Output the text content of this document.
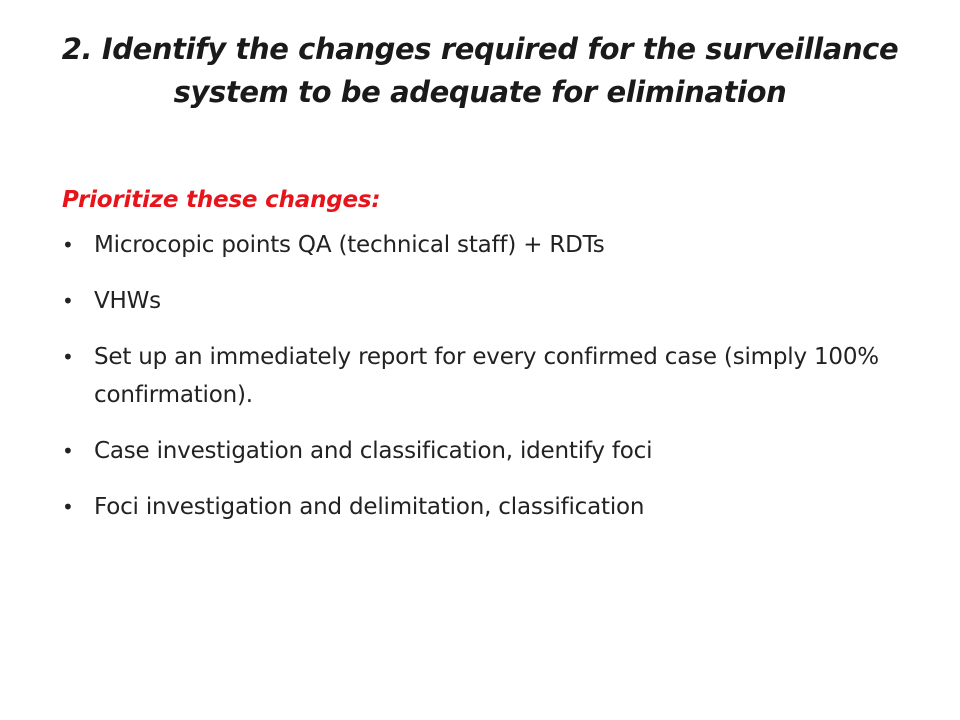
2. Identify the changes required for the surveillance
system to be adequate for elimination

Prioritize these changes:

• Microcopic points QA (technical staff) + RDTs
• VHWs
• Set up an immediately report for every confirmed case (simply 100% confirmation).
• Case investigation and classification, identify foci
• Foci investigation and delimitation, classification
